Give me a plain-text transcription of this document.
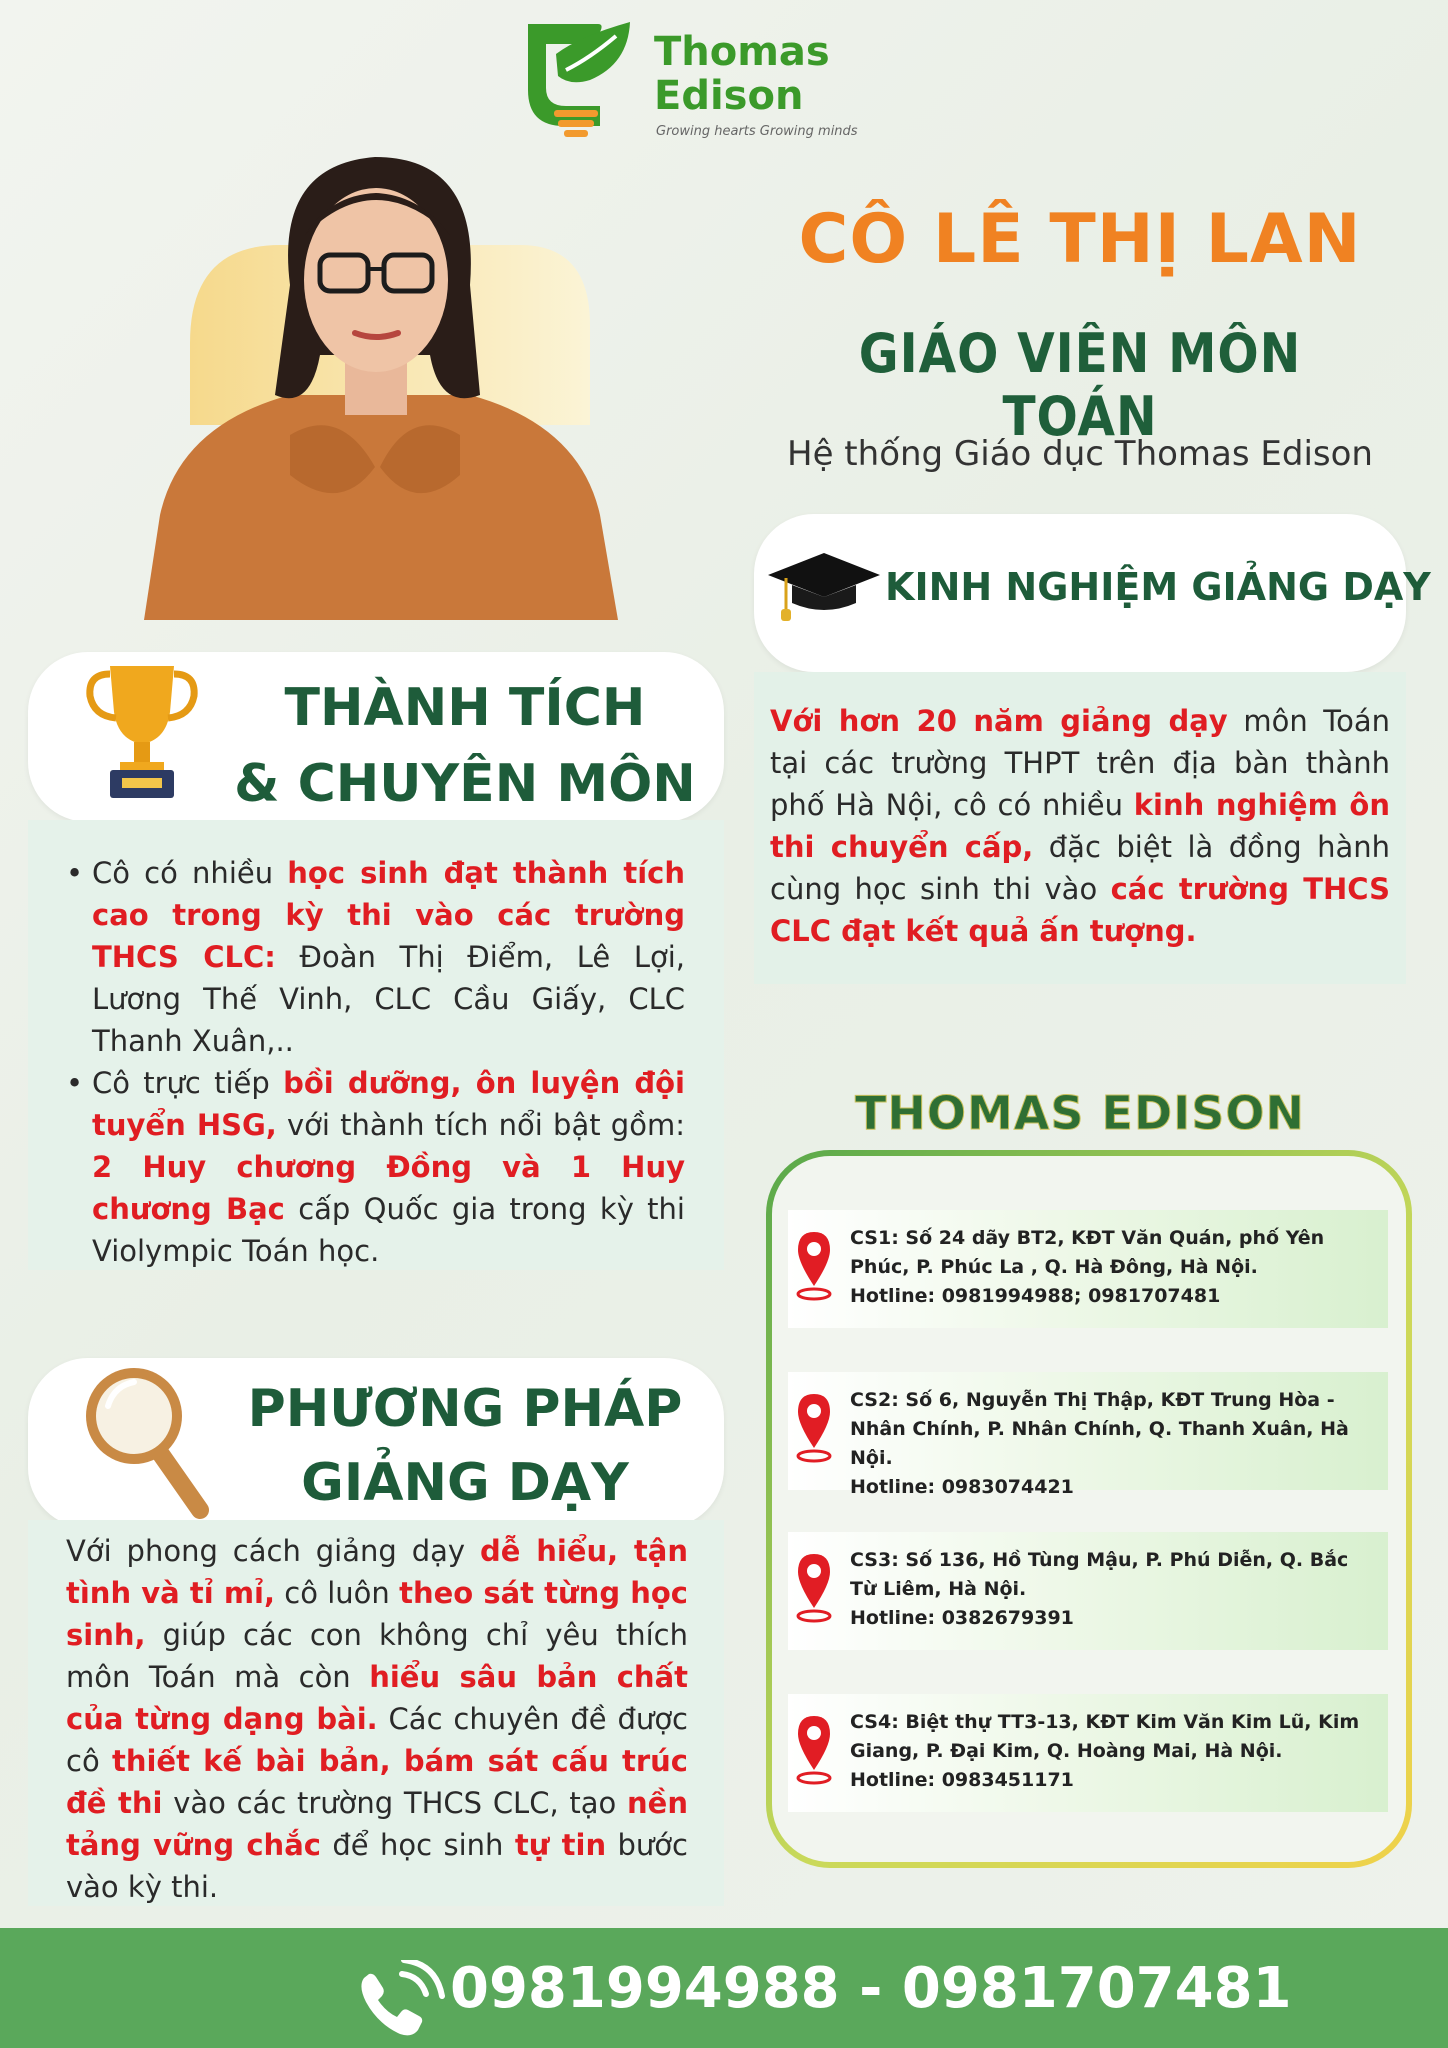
Thomas
Edison
Growing hearts Growing minds
CÔ LÊ THỊ LAN
GIÁO VIÊN MÔN TOÁN
Hệ thống Giáo dục Thomas Edison
KINH NGHIỆM GIẢNG DẠY
Với hơn 20 năm giảng dạy môn Toán tại các trường THPT trên địa bàn thành phố Hà Nội, cô có nhiều kinh nghiệm ôn thi chuyển cấp, đặc biệt là đồng hành cùng học sinh thi vào các trường THCS CLC đạt kết quả ấn tượng.
THÀNH TÍCH
& CHUYÊN MÔN
• Cô có nhiều học sinh đạt thành tích cao trong kỳ thi vào các trường THCS CLC: Đoàn Thị Điểm, Lê Lợi, Lương Thế Vinh, CLC Cầu Giấy, CLC Thanh Xuân,..
• Cô trực tiếp bồi dưỡng, ôn luyện đội tuyển HSG, với thành tích nổi bật gồm: 2 Huy chương Đồng và 1 Huy chương Bạc cấp Quốc gia trong kỳ thi Violympic Toán học.
PHƯƠNG PHÁP
GIẢNG DẠY
Với phong cách giảng dạy dễ hiểu, tận tình và tỉ mỉ, cô luôn theo sát từng học sinh, giúp các con không chỉ yêu thích môn Toán mà còn hiểu sâu bản chất của từng dạng bài. Các chuyên đề được cô thiết kế bài bản, bám sát cấu trúc đề thi vào các trường THCS CLC, tạo nền tảng vững chắc để học sinh tự tin bước vào kỳ thi.
THOMAS EDISON
CS1: Số 24 dãy BT2, KĐT Văn Quán, phố Yên Phúc, P. Phúc La , Q. Hà Đông, Hà Nội.
Hotline: 0981994988; 0981707481
CS2: Số 6, Nguyễn Thị Thập, KĐT Trung Hòa - Nhân Chính, P. Nhân Chính, Q. Thanh Xuân, Hà Nội.
Hotline: 0983074421
CS3: Số 136, Hồ Tùng Mậu, P. Phú Diễn, Q. Bắc Từ Liêm, Hà Nội.
Hotline: 0382679391
CS4: Biệt thự TT3-13, KĐT Kim Văn Kim Lũ, Kim Giang, P. Đại Kim, Q. Hoàng Mai, Hà Nội.
Hotline: 0983451171
0981994988 - 0981707481
